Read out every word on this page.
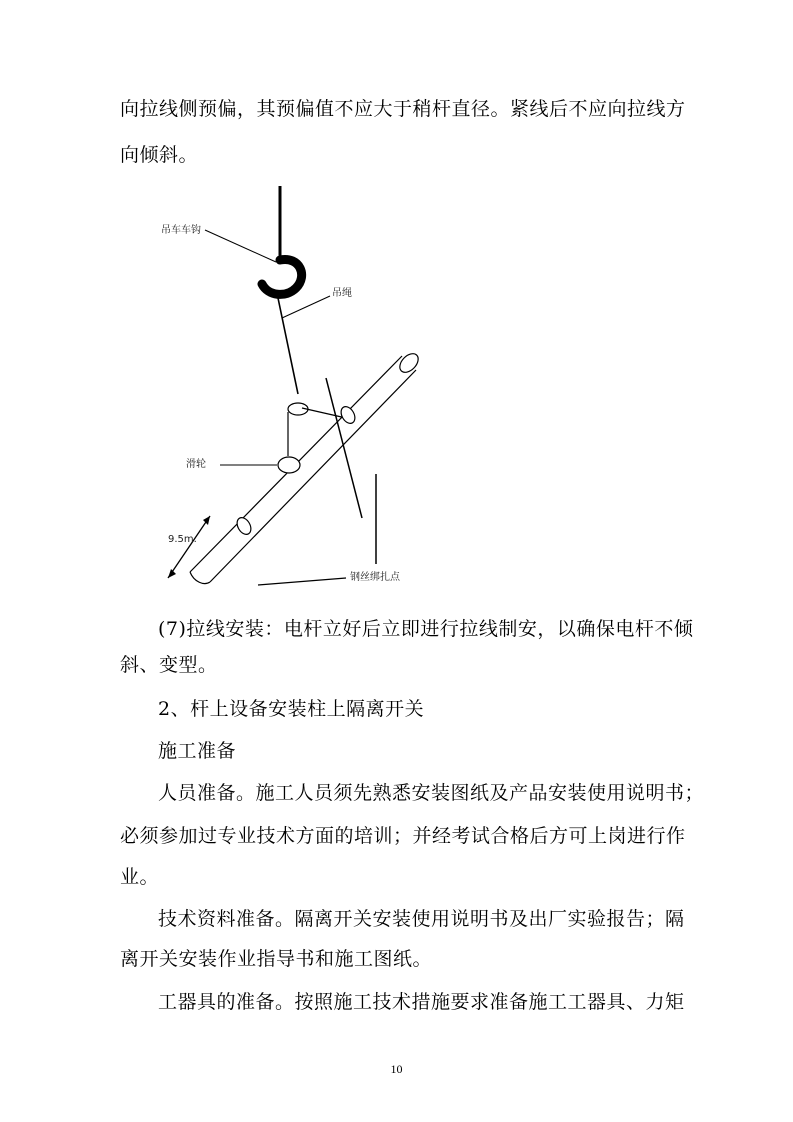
向拉线侧预偏，其预偏值不应大于稍杆直径。紧线后不应向拉线方

向倾斜。

吊车车钩
吊绳
滑轮
9.5m.
钢丝绑扎点

(7)拉线安装：电杆立好后立即进行拉线制安，以确保电杆不倾

斜、变型。

2、杆上设备安装柱上隔离开关

施工准备

人员准备。施工人员须先熟悉安装图纸及产品安装使用说明书；

必须参加过专业技术方面的培训；并经考试合格后方可上岗进行作

业。

技术资料准备。隔离开关安装使用说明书及出厂实验报告；隔

离开关安装作业指导书和施工图纸。

工器具的准备。按照施工技术措施要求准备施工工器具、力矩

10
